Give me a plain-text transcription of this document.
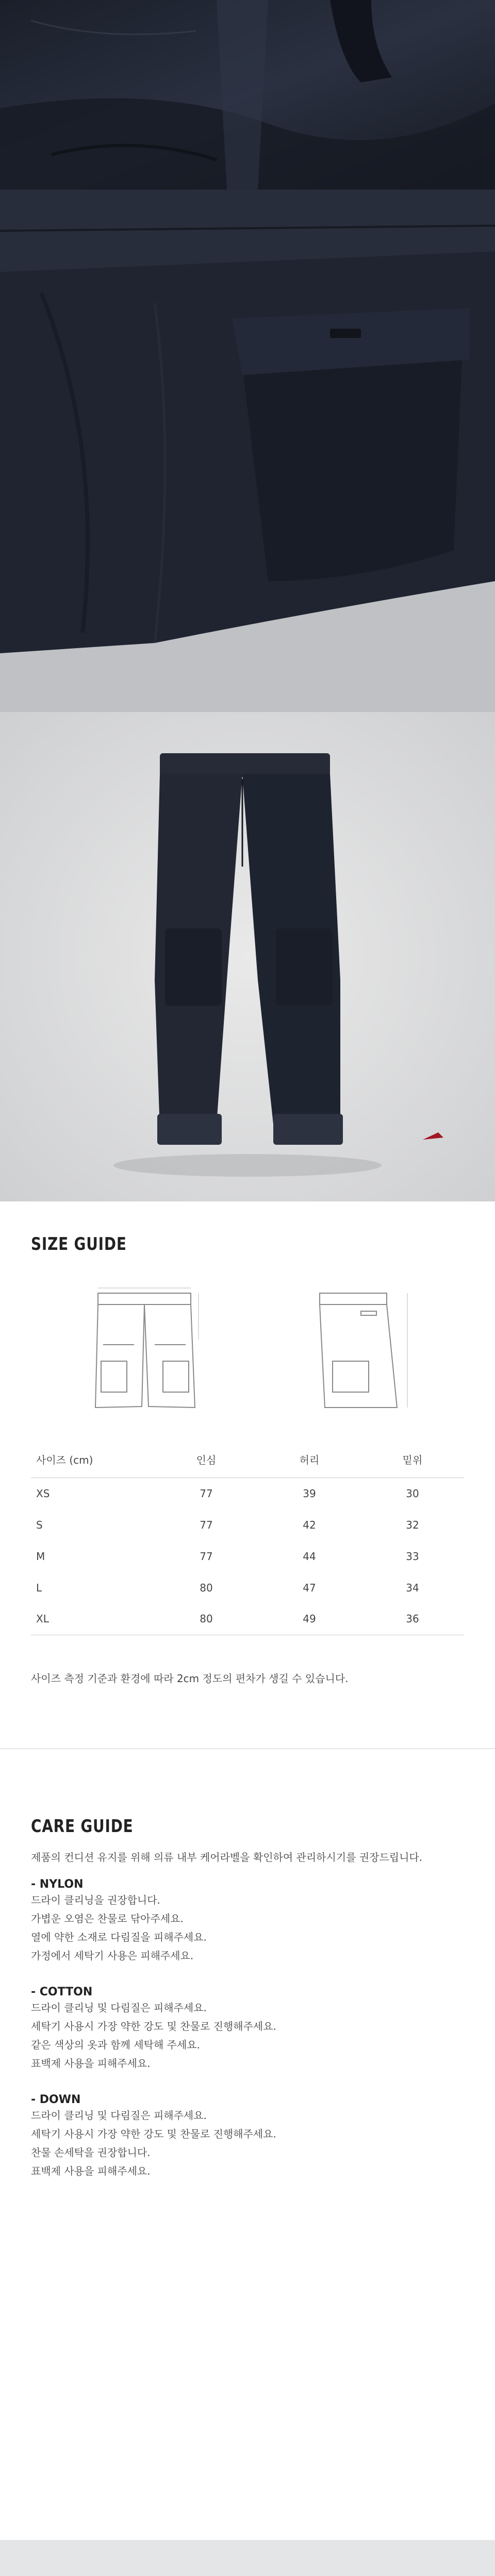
SIZE GUIDE
사이즈 (cm)	인심	허리	밑위
XS	77	39	30
S	77	42	32
M	77	44	33
L	80	47	34
XL	80	49	36
사이즈 측정 기준과 환경에 따라 2cm 정도의 편차가 생길 수 있습니다.
CARE GUIDE
제품의 컨디션 유지를 위해 의류 내부 케어라벨을 확인하여 관리하시기를 권장드립니다.
- NYLON
드라이 클리닝을 권장합니다.
가볍운 오염은 찬물로 닦아주세요.
열에 약한 소재로 다림질을 피해주세요.
가정에서 세탁기 사용은 피해주세요.
- COTTON
드라이 클리닝 및 다림질은 피해주세요.
세탁기 사용시 가장 약한 강도 및 찬물로 진행해주세요.
같은 색상의 옷과 함께 세탁해 주세요.
표백제 사용을 피해주세요.
- DOWN
드라이 클리닝 및 다림질은 피해주세요.
세탁기 사용시 가장 약한 강도 및 찬물로 진행해주세요.
찬물 손세탁을 권장합니다.
표백제 사용을 피해주세요.
